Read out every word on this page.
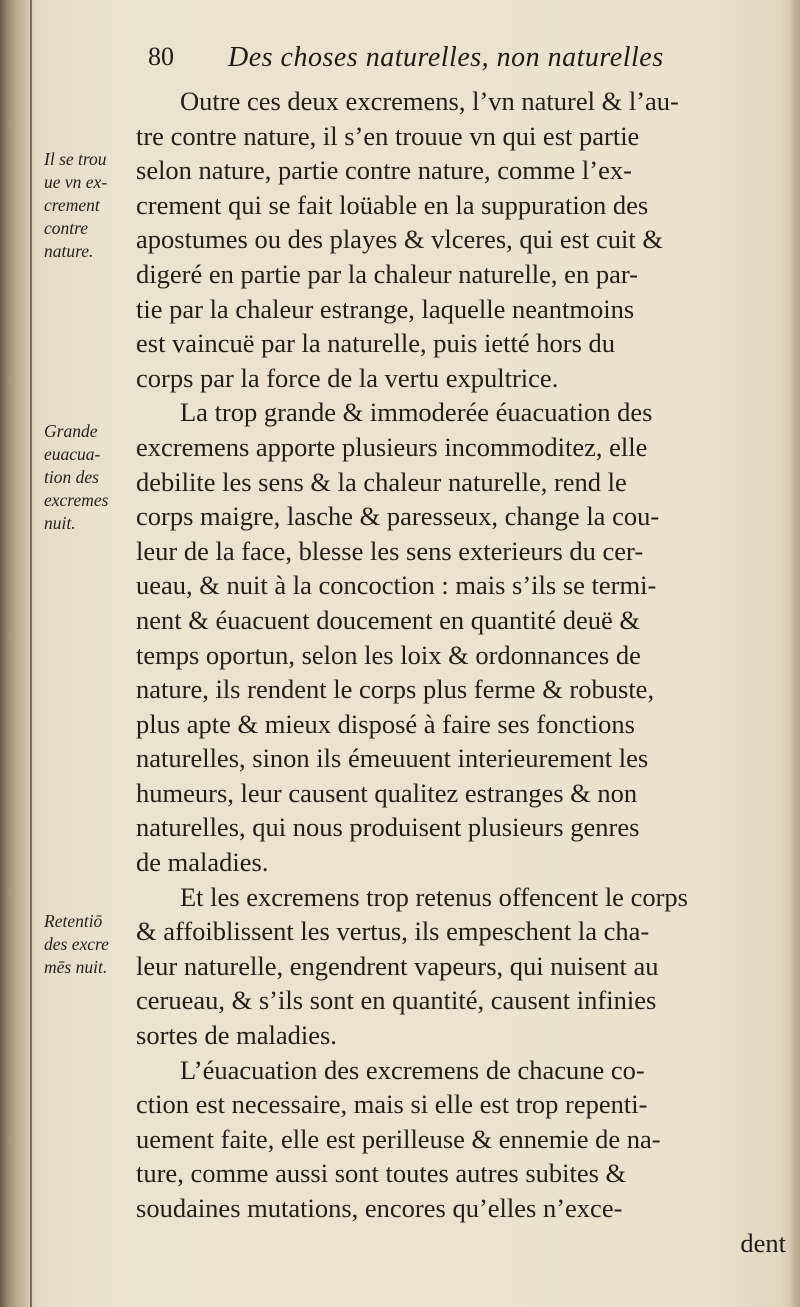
80 Des choses naturelles, non naturelles
Il se trou
ue vn ex-
crement
contre
nature.
Grande
euacua-
tion des
excremes
nuit.
Retentiō
des excre
mēs nuit.
Outre ces deux excremens, l’vn naturel & l’au-
tre contre nature, il s’en trouue vn qui est partie
selon nature, partie contre nature, comme l’ex-
crement qui se fait loüable en la suppuration des
apostumes ou des playes & vlceres, qui est cuit &
digeré en partie par la chaleur naturelle, en par-
tie par la chaleur estrange, laquelle neantmoins
est vaincuë par la naturelle, puis ietté hors du
corps par la force de la vertu expultrice.
La trop grande & immoderée éuacuation des
excremens apporte plusieurs incommoditez, elle
debilite les sens & la chaleur naturelle, rend le
corps maigre, lasche & paresseux, change la cou-
leur de la face, blesse les sens exterieurs du cer-
ueau, & nuit à la concoction : mais s’ils se termi-
nent & éuacuent doucement en quantité deuë &
temps oportun, selon les loix & ordonnances de
nature, ils rendent le corps plus ferme & robuste,
plus apte & mieux disposé à faire ses fonctions
naturelles, sinon ils émeuuent interieurement les
humeurs, leur causent qualitez estranges & non
naturelles, qui nous produisent plusieurs genres
de maladies.
Et les excremens trop retenus offencent le corps
& affoiblissent les vertus, ils empeschent la cha-
leur naturelle, engendrent vapeurs, qui nuisent au
cerueau, & s’ils sont en quantité, causent infinies
sortes de maladies.
L’éuacuation des excremens de chacune co-
ction est necessaire, mais si elle est trop repenti-
uement faite, elle est perilleuse & ennemie de na-
ture, comme aussi sont toutes autres subites &
soudaines mutations, encores qu’elles n’exce-
dent
